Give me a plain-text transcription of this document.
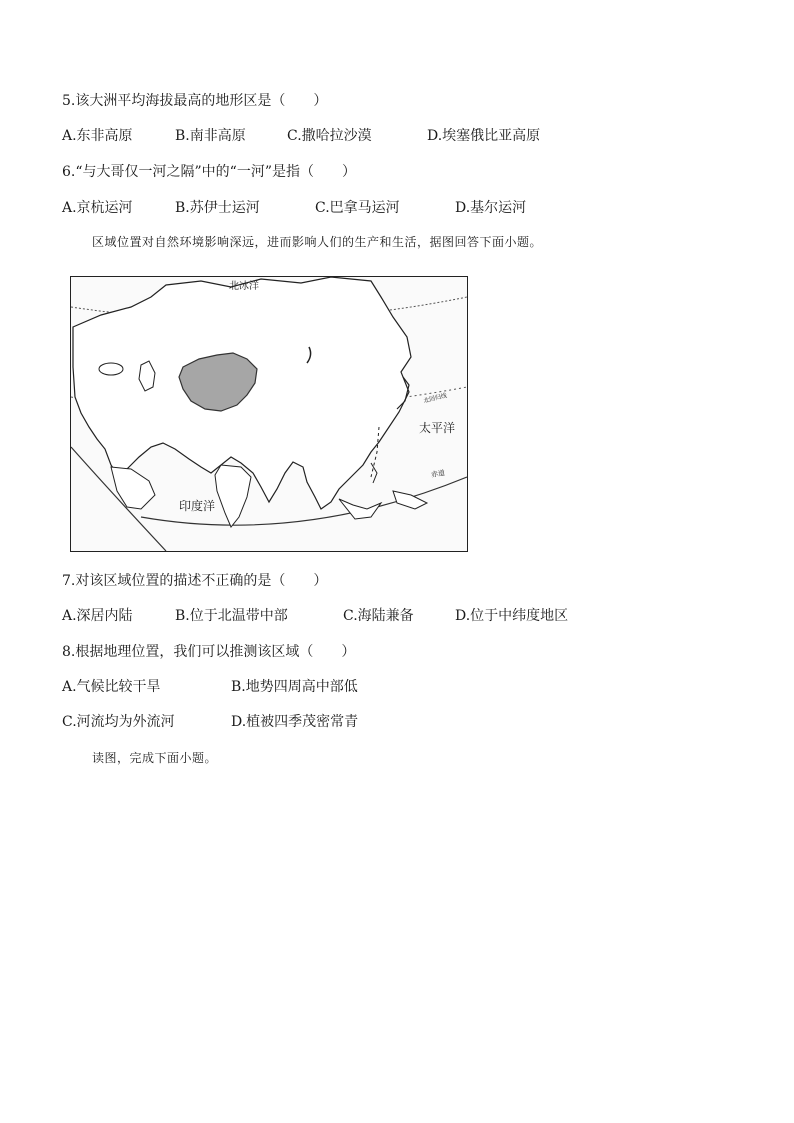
5.该大洲平均海拔最高的地形区是（　　）
A.东非高原	B.南非高原	C.撒哈拉沙漠	D.埃塞俄比亚高原
6.“与大哥仅一河之隔”中的“一河”是指（　　）
A.京杭运河	B.苏伊士运河	C.巴拿马运河	D.基尔运河
区域位置对自然环境影响深远，进而影响人们的生产和生活，据图回答下面小题。
北冰洋
北回归线
太平洋
印度洋
赤道
7.对该区域位置的描述不正确的是（　　）
A.深居内陆	B.位于北温带中部	C.海陆兼备	D.位于中纬度地区
8.根据地理位置，我们可以推测该区域（　　）
A.气候比较干旱	B.地势四周高中部低
C.河流均为外流河	D.植被四季茂密常青
读图，完成下面小题。
